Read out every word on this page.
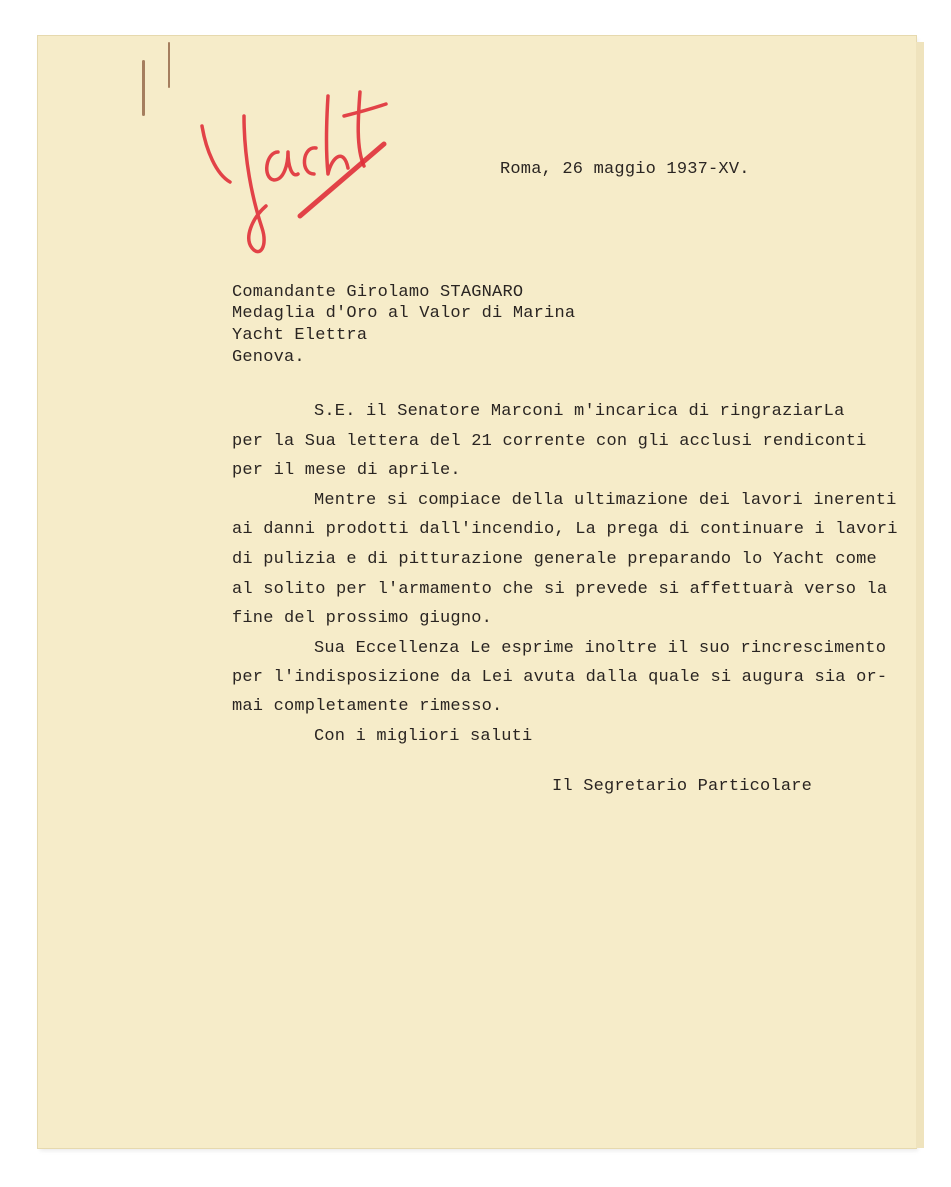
Roma, 26 maggio 1937-XV.

Comandante Girolamo STAGNARO

Medaglia d'Oro al Valor di Marina

Yacht Elettra

Genova.

S.E. il Senatore Marconi m'incarica di ringraziarLa

per la Sua lettera del 21 corrente con gli acclusi rendiconti

per il mese di aprile.

Mentre si compiace della ultimazione dei lavori inerenti

ai danni prodotti dall'incendio, La prega di continuare i lavori

di pulizia e di pitturazione generale preparando lo Yacht come

al solito per l'armamento che si prevede si affettuarà verso la

fine del prossimo giugno.

Sua Eccellenza Le esprime inoltre il suo rincrescimento

per l'indisposizione da Lei avuta dalla quale si augura sia or-

mai completamente rimesso.

Con i migliori saluti

Il Segretario Particolare
